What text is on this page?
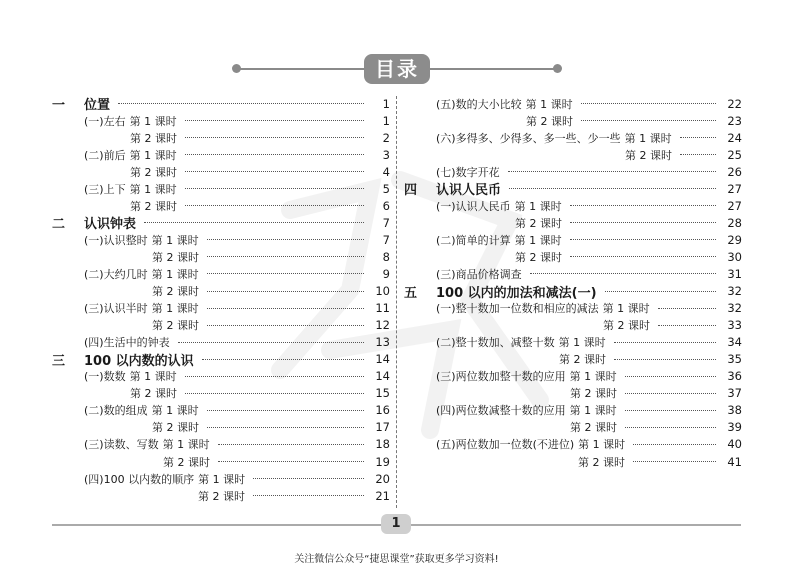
目录
一	位置	1
(一)左右 第 1 课时	1
第 2 课时	2
(二)前后 第 1 课时	3
第 2 课时	4
(三)上下 第 1 课时	5
第 2 课时	6
二	认识钟表	7
(一)认识整时 第 1 课时	7
第 2 课时	8
(二)大约几时 第 1 课时	9
第 2 课时	10
(三)认识半时 第 1 课时	11
第 2 课时	12
(四)生活中的钟表	13
三	100 以内数的认识	14
(一)数数 第 1 课时	14
第 2 课时	15
(二)数的组成 第 1 课时	16
第 2 课时	17
(三)读数、写数 第 1 课时	18
第 2 课时	19
(四)100 以内数的顺序 第 1 课时	20
第 2 课时	21
(五)数的大小比较 第 1 课时	22
第 2 课时	23
(六)多得多、少得多、多一些、少一些 第 1 课时	24
第 2 课时	25
(七)数字开花	26
四	认识人民币	27
(一)认识人民币 第 1 课时	27
第 2 课时	28
(二)简单的计算 第 1 课时	29
第 2 课时	30
(三)商品价格调查	31
五	100 以内的加法和减法(一)	32
(一)整十数加一位数和相应的减法 第 1 课时	32
第 2 课时	33
(二)整十数加、减整十数 第 1 课时	34
第 2 课时	35
(三)两位数加整十数的应用 第 1 课时	36
第 2 课时	37
(四)两位数减整十数的应用 第 1 课时	38
第 2 课时	39
(五)两位数加一位数(不进位) 第 1 课时	40
第 2 课时	41
1
关注微信公众号“捷思课堂”获取更多学习资料!
